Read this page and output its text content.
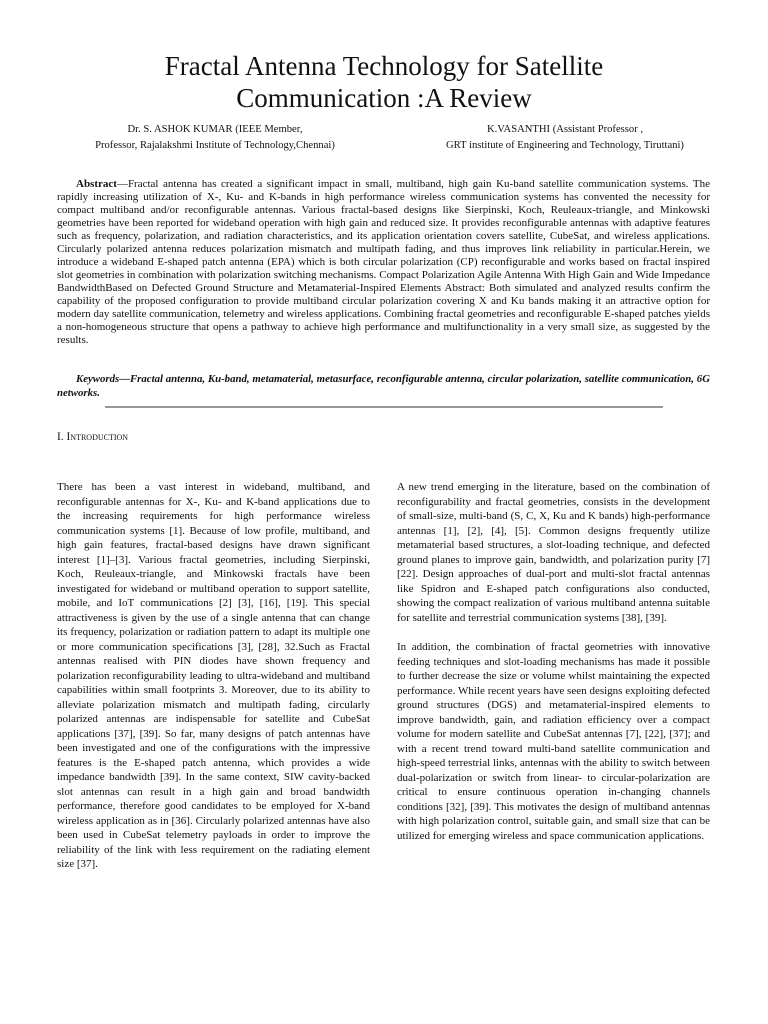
Fractal Antenna Technology for Satellite Communication :A Review
Dr. S. ASHOK KUMAR (IEEE Member,
Professor, Rajalakshmi Institute of Technology,Chennai)
K.VASANTHI (Assistant Professor ,
GRT institute of Engineering and Technology, Tiruttani)

Abstract—Fractal antenna has created a significant impact in small, multiband, high gain Ku-band satellite communication systems. The rapidly increasing utilization of X-, Ku- and K-bands in high performance wireless communication systems has convented the necessity for compact multiband and/or reconfigurable antennas. Various fractal-based designs like Sierpinski, Koch, Reuleaux-triangle, and Minkowski geometries have been reported for wideband operation with high gain and reduced size. It provides reconfigurable antennas with adaptive features such as frequency, polarization, and radiation characteristics, and its application orientation covers satellite, CubeSat, and wireless applications. Circularly polarized antenna reduces polarization mismatch and multipath fading, and thus improves link reliability in particular.Herein, we introduce a wideband E-shaped patch antenna (EPA) which is both circular polarization (CP) reconfigurable and works based on fractal inspired slot geometries in combination with polarization switching mechanisms. Compact Polarization Agile Antenna With High Gain and Wide Impedance BandwidthBased on Defected Ground Structure and Metamaterial-Inspired Elements Abstract: Both simulated and analyzed results confirm the capability of the proposed configuration to provide multiband circular polarization covering X and Ku bands making it an attractive option for modern day satellite communication, telemetry and wireless applications. Combining fractal geometries and reconfigurable E-shaped patches yields a non-homogeneous structure that opens a pathway to achieve high performance and multifunctionality in a very small size, as suggested by the results.

Keywords—Fractal antenna, Ku-band, metamaterial, metasurface, reconfigurable antenna, circular polarization, satellite communication, 6G networks.

I. Introduction

There has been a vast interest in wideband, multiband, and reconfigurable antennas for X-, Ku- and K-band applications due to the increasing requirements for high performance wireless communication systems [1]. Because of low profile, multiband, and high gain features, fractal-based designs have drawn significant interest [1]–[3]. Various fractal geometries, including Sierpinski, Koch, Reuleaux-triangle, and Minkowski fractals have been investigated for wideband or multiband operation to support satellite, mobile, and IoT communications [2] [3], [16], [19]. This special attractiveness is given by the use of a single antenna that can change its frequency, polarization or radiation pattern to adapt its multiple one or more communication specifications [3], [28], 32.Such as Fractal antennas realised with PIN diodes have shown frequency and polarization reconfigurability leading to ultra-wideband and multiband capabilities within small footprints 3. Moreover, due to its ability to alleviate polarization mismatch and multipath fading, circularly polarized antennas are indispensable for satellite and CubeSat applications [37], [39]. So far, many designs of patch antennas have been investigated and one of the configurations with the impressive features is the E-shaped patch antenna, which provides a wide impedance bandwidth [39]. In the same context, SIW cavity-backed slot antennas can result in a high gain and broad bandwidth performance, therefore good candidates to be employed for X-band wireless application as in [36]. Circularly polarized antennas have also been used in CubeSat telemetry payloads in order to improve the reliability of the link with less requirement on the radiating element size [37].

A new trend emerging in the literature, based on the combination of reconfigurability and fractal geometries, consists in the development of small-size, multi-band (S, C, X, Ku and K bands) high-performance antennas [1], [2], [4], [5]. Common designs frequently utilize metamaterial based structures, a slot-loading technique, and defected ground planes to improve gain, bandwidth, and polarization purity [7] [22]. Design approaches of dual-port and multi-slot fractal antennas like Spidron and E-shaped patch configurations also conducted, showing the compact realization of various multiband antenna suitable for satellite and terrestrial communication systems [38], [39].

In addition, the combination of fractal geometries with innovative feeding techniques and slot-loading mechanisms has made it possible to further decrease the size or volume whilst maintaining the expected performance. While recent years have seen designs exploiting defected ground structures (DGS) and metamaterial-inspired elements to improve bandwidth, gain, and radiation efficiency over a compact volume for modern satellite and CubeSat antennas [7], [22], [37]; and with a recent trend toward multi-band satellite communication and high-speed terrestrial links, antennas with the ability to switch between dual-polarization or switch from linear- to circular-polarization are critical to ensure continuous operation in-changing channels conditions [32], [39]. This motivates the design of multiband antennas with high polarization control, suitable gain, and small size that can be utilized for emerging wireless and space communication applications.
